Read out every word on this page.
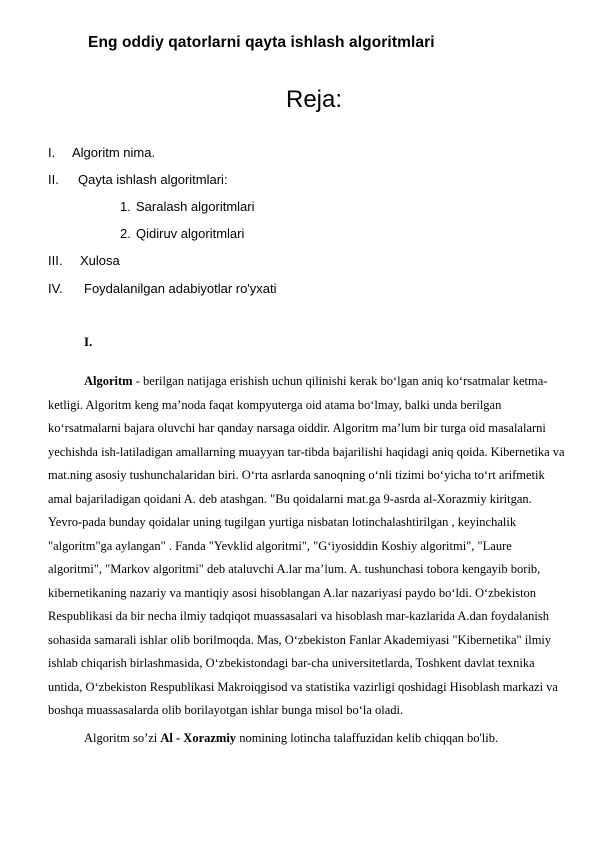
Eng oddiy qatorlarni qayta ishlash algoritmlari
Reja:
I. Algoritm nima.
II. Qayta ishlash algoritmlari:
1. Saralash algoritmlari
2. Qidiruv algoritmlari
III. Xulosa
IV. Foydalanilgan adabiyotlar ro'yxati
I.

Algoritm - berilgan natijaga erishish uchun qilinishi kerak bo‘lgan aniq ko‘rsatmalar ketma-ketligi. Algoritm keng ma’noda faqat kompyuterga oid atama bo‘lmay, balki unda berilgan ko‘rsatmalarni bajara oluvchi har qanday narsaga oiddir. Algoritm ma’lum bir turga oid masalalarni yechishda ish-latiladigan amallarning muayyan tar-tibda bajarilishi haqidagi aniq qoida. Kibernetika va mat.ning asosiy tushunchalaridan biri. O‘rta asrlarda sanoqning o‘nli tizimi bo‘yicha to‘rt arifmetik amal bajariladigan qoidani A. deb atashgan. "Bu qoidalarni mat.ga 9-asrda al-Xorazmiy kiritgan. Yevro-pada bunday qoidalar uning tugilgan yurtiga nisbatan lotinchalashtirilgan , keyinchalik "algoritm"ga aylangan" . Fanda "Yevklid algoritmi", "G‘iyosiddin Koshiy algoritmi", "Laure algoritmi", "Markov algoritmi" deb ataluvchi A.lar ma’lum. A. tushunchasi tobora kengayib borib, kibernetikaning nazariy va mantiqiy asosi hisoblangan A.lar nazariyasi paydo bo‘ldi. O‘zbekiston Respublikasi da bir necha ilmiy tadqiqot muassasalari va hisoblash mar-kazlarida A.dan foydalanish sohasida samarali ishlar olib borilmoqda. Mas, O‘zbekiston Fanlar Akademiyasi "Kibernetika" ilmiy ishlab chiqarish birlashmasida, O‘zbekistondagi bar-cha universitetlarda, Toshkent davlat texnika untida, O‘zbekiston Respublikasi Makroiqgisod va statistika vazirligi qoshidagi Hisoblash markazi va boshqa muassasalarda olib borilayotgan ishlar bunga misol bo‘la oladi.

Algoritm so’zi Al - Xorazmiy nomining lotincha talaffuzidan kelib chiqqan bo'lib.
